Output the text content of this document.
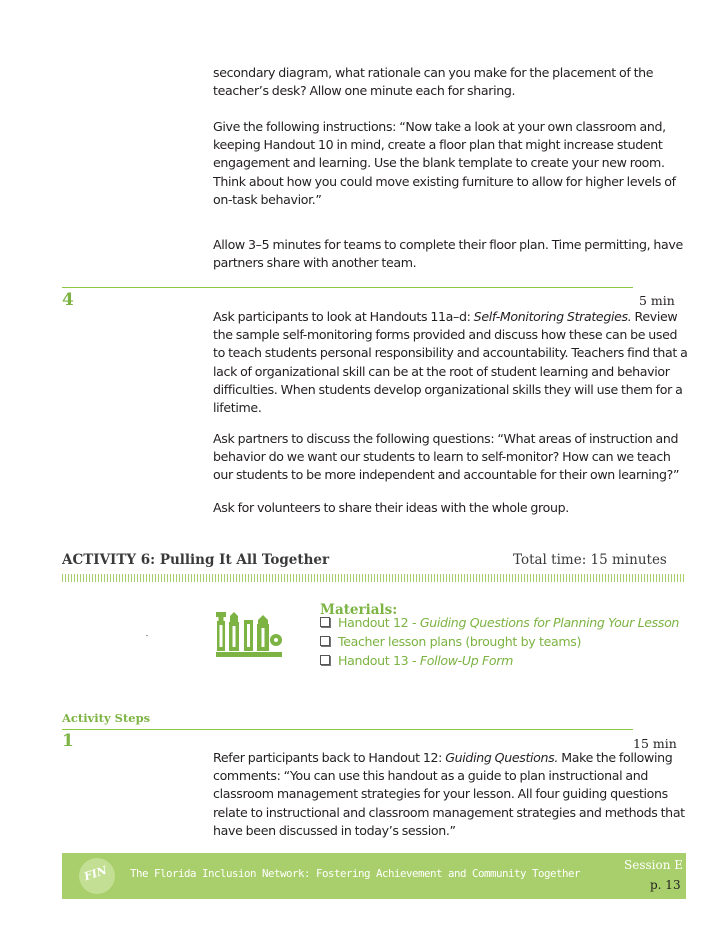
secondary diagram, what rationale can you make for the placement of the teacher’s desk? Allow one minute each for sharing.
Give the following instructions: “Now take a look at your own classroom and, keeping Handout 10 in mind, create a floor plan that might increase student engagement and learning. Use the blank template to create your new room. Think about how you could move existing furniture to allow for higher levels of on-task behavior.”
Allow 3–5 minutes for teams to complete their floor plan. Time permitting, have partners share with another team.
4	5 min
Ask participants to look at Handouts 11a–d: Self-Monitoring Strategies. Review the sample self-monitoring forms provided and discuss how these can be used to teach students personal responsibility and accountability. Teachers find that a lack of organizational skill can be at the root of student learning and behavior difficulties. When students develop organizational skills they will use them for a lifetime.
Ask partners to discuss the following questions: “What areas of instruction and behavior do we want our students to learn to self-monitor? How can we teach our students to be more independent and accountable for their own learning?”
Ask for volunteers to share their ideas with the whole group.
ACTIVITY 6: Pulling It All Together	Total time: 15 minutes
Materials:
Handout 12 - Guiding Questions for Planning Your Lesson
Teacher lesson plans (brought by teams)
Handout 13 - Follow-Up Form
Activity Steps
1	15 min
Refer participants back to Handout 12: Guiding Questions. Make the following comments: “You can use this handout as a guide to plan instructional and classroom management strategies for your lesson. All four guiding questions relate to instructional and classroom management strategies and methods that have been discussed in today’s session.”
FIN The Florida Inclusion Network: Fostering Achievement and Community Together
Session E
p. 13
